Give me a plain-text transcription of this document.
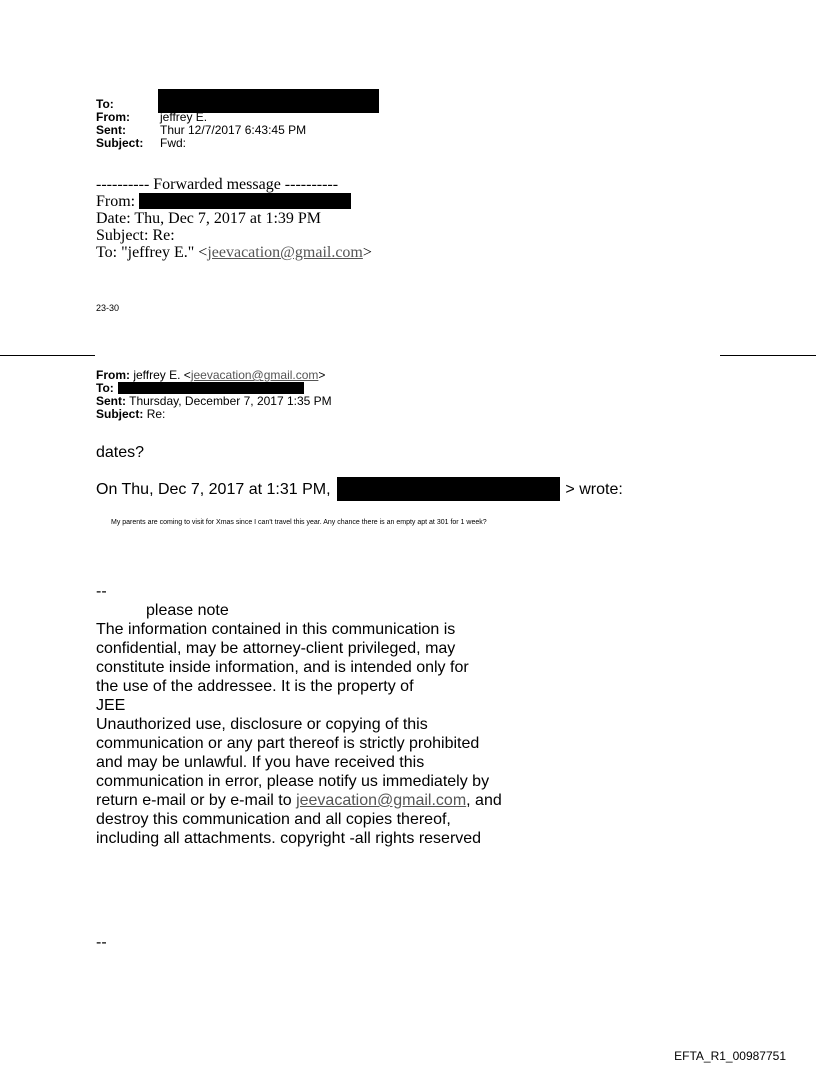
To:
From:	jeffrey E.
Sent:	Thur 12/7/2017 6:43:45 PM
Subject: Fwd:
---------- Forwarded message ----------
From:
Date: Thu, Dec 7, 2017 at 1:39 PM
Subject: Re:
To: "jeffrey E." <jeevacation@gmail.com>
23-30
From: jeffrey E. <jeevacation@gmail.com>
To:
Sent: Thursday, December 7, 2017 1:35 PM
Subject: Re:
dates?
On Thu, Dec 7, 2017 at 1:31 PM,	> wrote:
My parents are coming to visit for Xmas since I can't travel this year. Any chance there is an empty apt at 301 for 1 week?
--

please note

The information contained in this communication is

confidential, may be attorney-client privileged, may

constitute inside information, and is intended only for

the use of the addressee. It is the property of

JEE

Unauthorized use, disclosure or copying of this

communication or any part thereof is strictly prohibited

and may be unlawful. If you have received this

communication in error, please notify us immediately by

return e-mail or by e-mail to jeevacation@gmail.com, and

destroy this communication and all copies thereof,

including all attachments. copyright -all rights reserved

--
EFTA_R1_00987751
